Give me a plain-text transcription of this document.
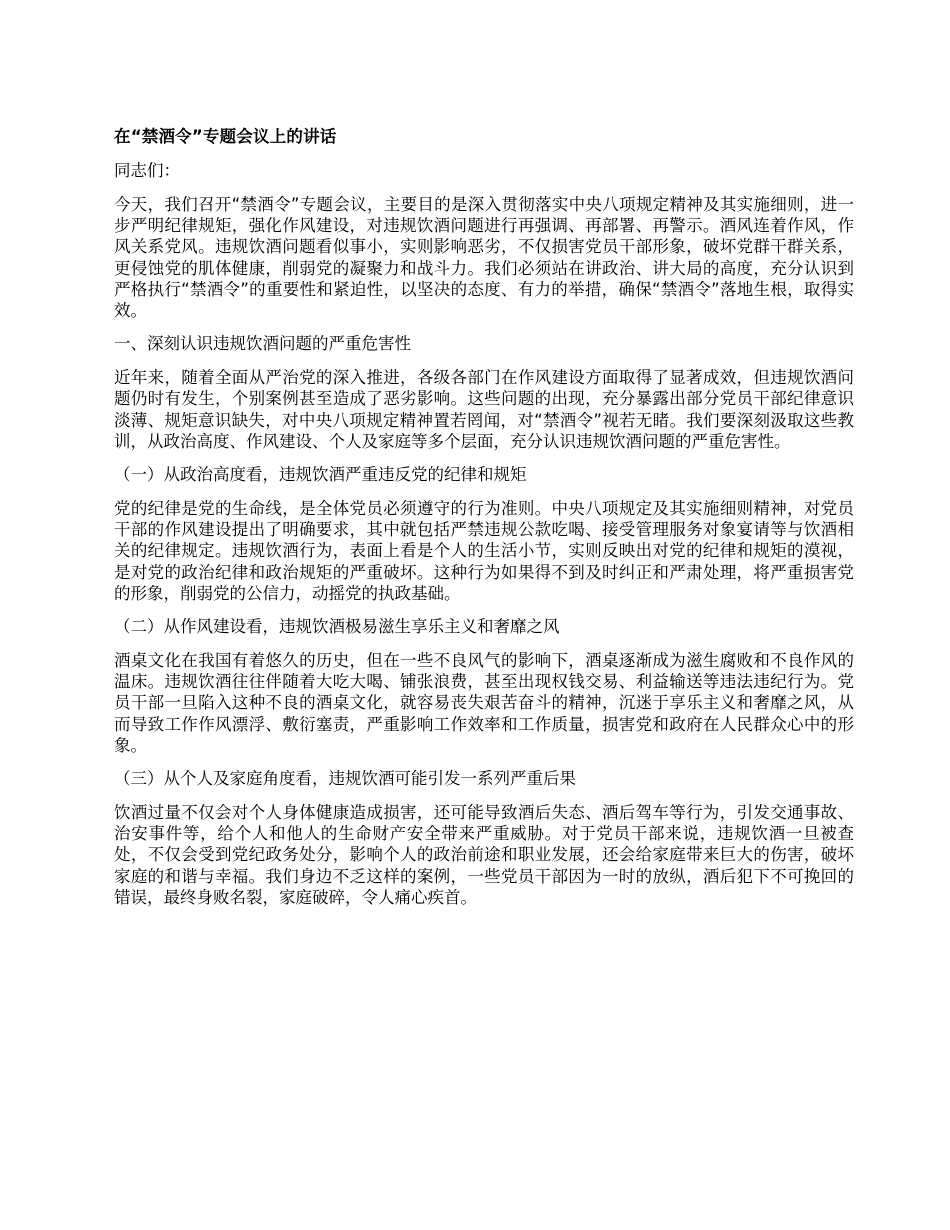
在“禁酒令”专题会议上的讲话
同志们：
今天，我们召开“禁酒令”专题会议，主要目的是深入贯彻落实中央八项规定精神及其实施细则，进一步严明纪律规矩，强化作风建设，对违规饮酒问题进行再强调、再部署、再警示。酒风连着作风，作风关系党风。违规饮酒问题看似事小，实则影响恶劣，不仅损害党员干部形象，破坏党群干群关系，更侵蚀党的肌体健康，削弱党的凝聚力和战斗力。我们必须站在讲政治、讲大局的高度，充分认识到严格执行“禁酒令”的重要性和紧迫性，以坚决的态度、有力的举措，确保“禁酒令”落地生根，取得实效。
一、深刻认识违规饮酒问题的严重危害性
近年来，随着全面从严治党的深入推进，各级各部门在作风建设方面取得了显著成效，但违规饮酒问题仍时有发生，个别案例甚至造成了恶劣影响。这些问题的出现，充分暴露出部分党员干部纪律意识淡薄、规矩意识缺失，对中央八项规定精神置若罔闻，对“禁酒令”视若无睹。我们要深刻汲取这些教训，从政治高度、作风建设、个人及家庭等多个层面，充分认识违规饮酒问题的严重危害性。
（一）从政治高度看，违规饮酒严重违反党的纪律和规矩
党的纪律是党的生命线，是全体党员必须遵守的行为准则。中央八项规定及其实施细则精神，对党员干部的作风建设提出了明确要求，其中就包括严禁违规公款吃喝、接受管理服务对象宴请等与饮酒相关的纪律规定。违规饮酒行为，表面上看是个人的生活小节，实则反映出对党的纪律和规矩的漠视，是对党的政治纪律和政治规矩的严重破坏。这种行为如果得不到及时纠正和严肃处理，将严重损害党的形象，削弱党的公信力，动摇党的执政基础。
（二）从作风建设看，违规饮酒极易滋生享乐主义和奢靡之风
酒桌文化在我国有着悠久的历史，但在一些不良风气的影响下，酒桌逐渐成为滋生腐败和不良作风的温床。违规饮酒往往伴随着大吃大喝、铺张浪费，甚至出现权钱交易、利益输送等违法违纪行为。党员干部一旦陷入这种不良的酒桌文化，就容易丧失艰苦奋斗的精神，沉迷于享乐主义和奢靡之风，从而导致工作作风漂浮、敷衍塞责，严重影响工作效率和工作质量，损害党和政府在人民群众心中的形象。
（三）从个人及家庭角度看，违规饮酒可能引发一系列严重后果
饮酒过量不仅会对个人身体健康造成损害，还可能导致酒后失态、酒后驾车等行为，引发交通事故、治安事件等，给个人和他人的生命财产安全带来严重威胁。对于党员干部来说，违规饮酒一旦被查处，不仅会受到党纪政务处分，影响个人的政治前途和职业发展，还会给家庭带来巨大的伤害，破坏家庭的和谐与幸福。我们身边不乏这样的案例，一些党员干部因为一时的放纵，酒后犯下不可挽回的错误，最终身败名裂，家庭破碎，令人痛心疾首。
